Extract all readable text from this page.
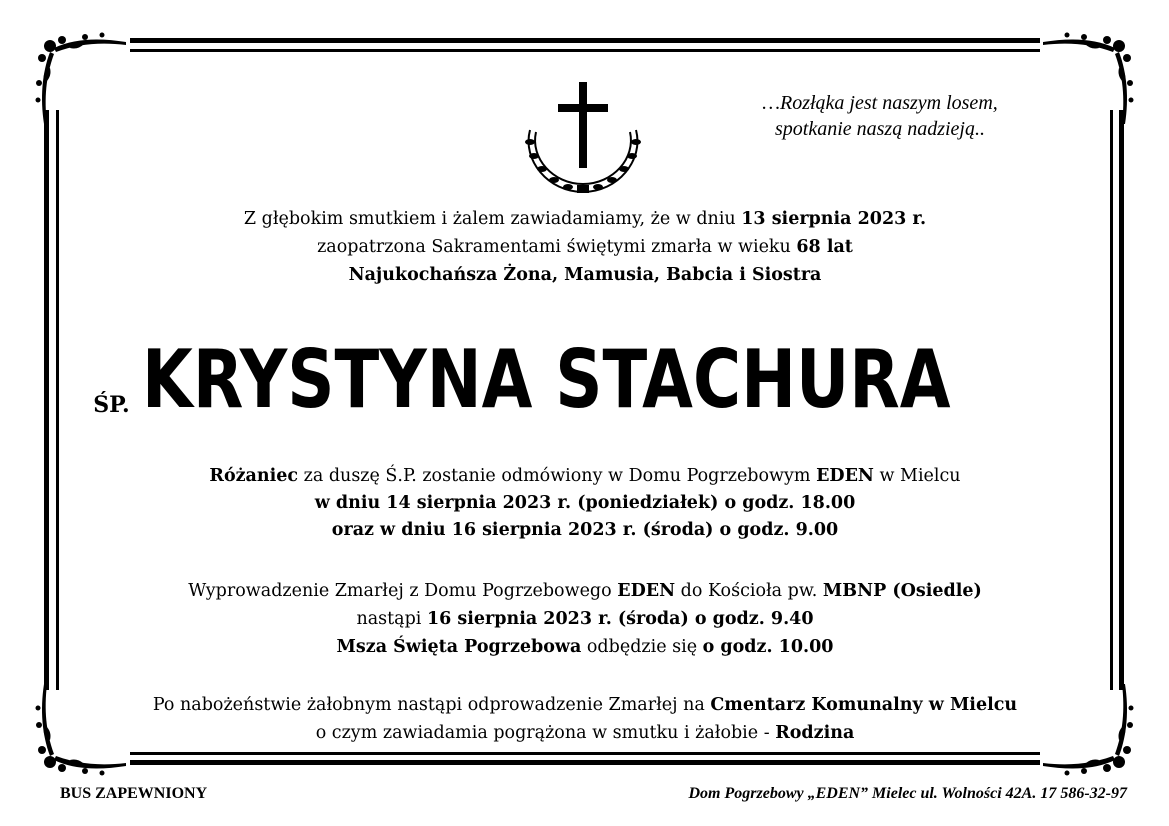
…Rozłąka jest naszym losem,
spotkanie naszą nadzieją..
Z głębokim smutkiem i żalem zawiadamiamy, że w dniu 13 sierpnia 2023 r.
zaopatrzona Sakramentami świętymi zmarła w wieku 68 lat
Najukochańsza Żona, Mamusia, Babcia i Siostra
ŚP. KRYSTYNA STACHURA
Różaniec za duszę Ś.P. zostanie odmówiony w Domu Pogrzebowym EDEN w Mielcu
w dniu 14 sierpnia 2023 r. (poniedziałek) o godz. 18.00
oraz w dniu 16 sierpnia 2023 r. (środa) o godz. 9.00
Wyprowadzenie Zmarłej z Domu Pogrzebowego EDEN do Kościoła pw. MBNP (Osiedle)
nastąpi 16 sierpnia 2023 r. (środa) o godz. 9.40
Msza Święta Pogrzebowa odbędzie się o godz. 10.00
Po nabożeństwie żałobnym nastąpi odprowadzenie Zmarłej na Cmentarz Komunalny w Mielcu
o czym zawiadamia pogrążona w smutku i żałobie - Rodzina
BUS ZAPEWNIONY	Dom Pogrzebowy „EDEN” Mielec ul. Wolności 42A. 17 586-32-97
